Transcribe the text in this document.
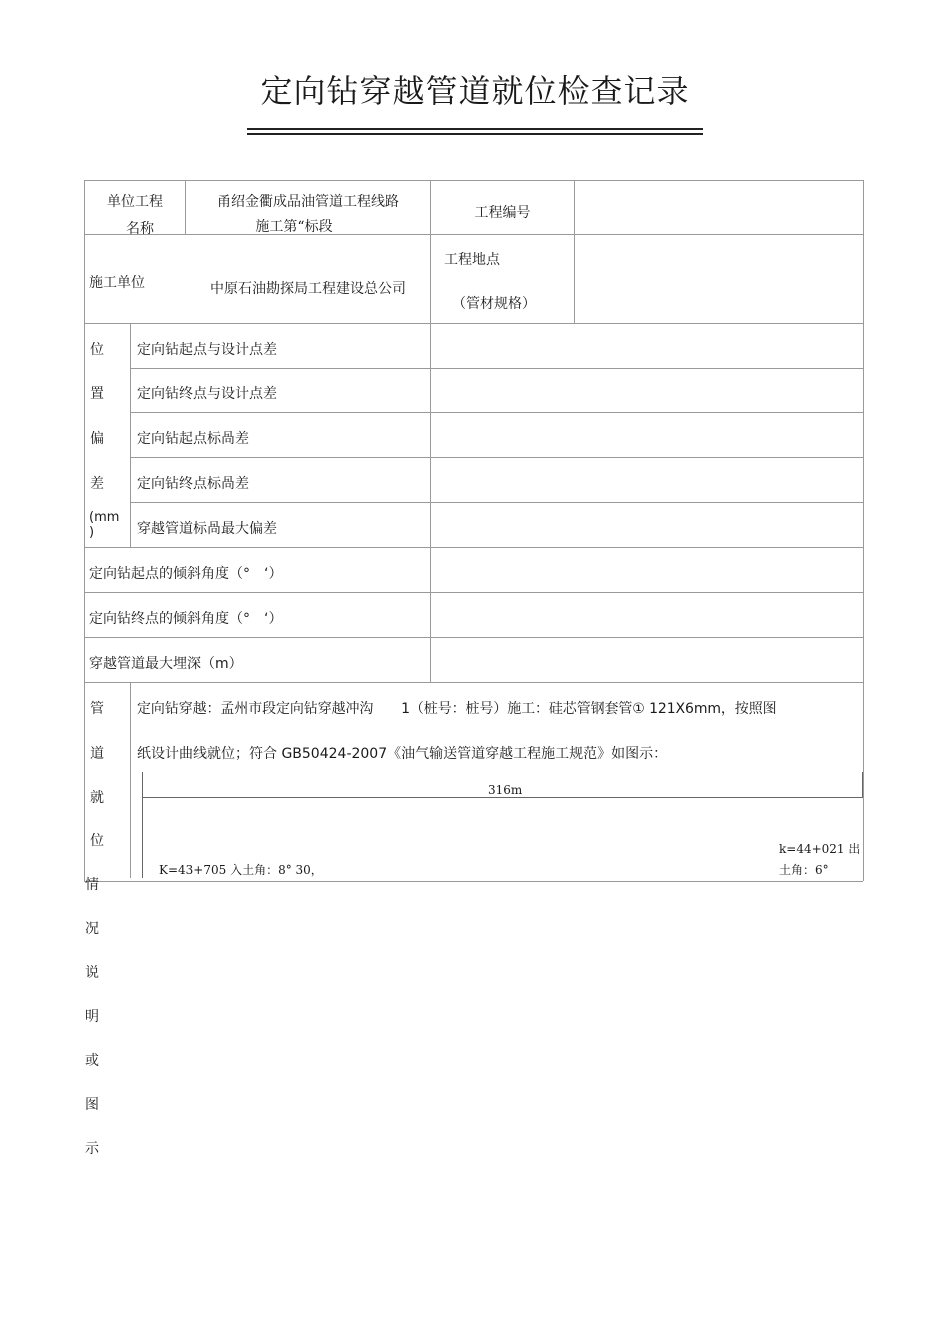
定向钻穿越管道就位检查记录
单位工程
名称
甬绍金衢成品油管道工程线路
施工第“标段
工程编号
施工单位	中原石油勘探局工程建设总公司
工程地点
（管材规格）
位
置
偏
差
(mm
)
定向钻起点与设计点差
定向钻终点与设计点差
定向钻起点标咼差
定向钻终点标咼差
穿越管道标咼最大偏差
定向钻起点的倾斜角度（°　‘）
定向钻终点的倾斜角度（°　‘）
穿越管道最大埋深（m）
管
道
就
位
情
况
说
明
或
图
示
定向钻穿越：孟州市段定向钻穿越冲沟　　1（桩号：桩号）施工：硅芯管钢套管① 121X6mm，按照图
纸设计曲线就位；符合 GB50424-2007《油气输送管道穿越工程施工规范》如图示：
316m
K=43+705 入土角：8° 30，
k=44+021 出
土角：6°
